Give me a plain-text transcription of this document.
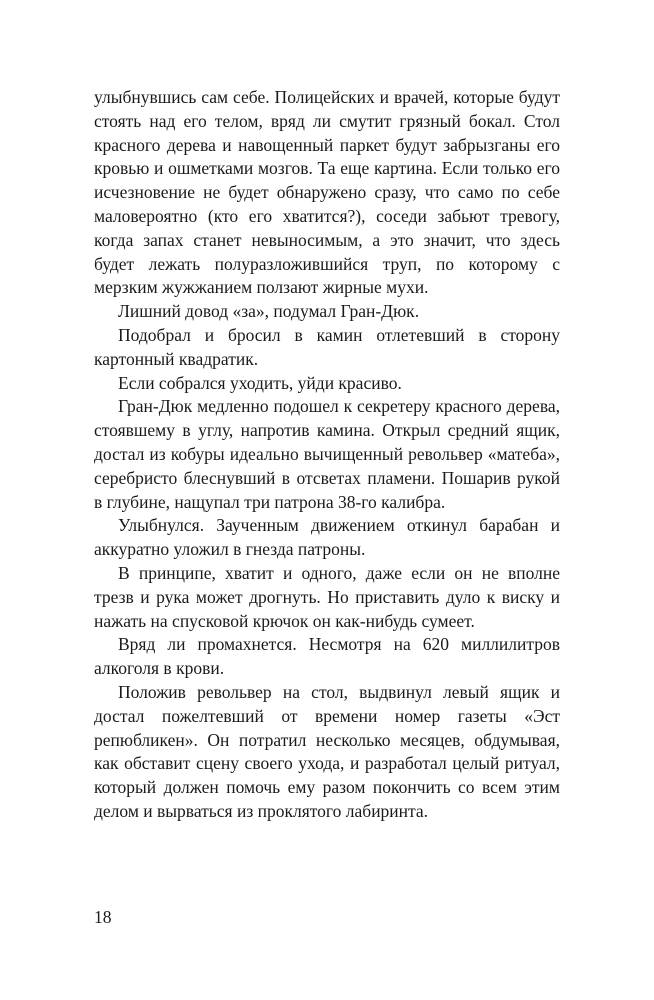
улыбнувшись сам себе. Полицейских и врачей, которые будут стоять над его телом, вряд ли смутит грязный бокал. Стол красного дерева и навощенный паркет будут забрызганы его кровью и ошметками мозгов. Та еще картина. Если только его исчезновение не будет обнаружено сразу, что само по себе маловероятно (кто его хватится?), соседи забьют тревогу, когда запах станет невыносимым, а это значит, что здесь будет лежать полуразложившийся труп, по которому с мерзким жужжанием ползают жирные мухи.

Лишний довод «за», подумал Гран-Дюк.

Подобрал и бросил в камин отлетевший в сторону картонный квадратик.

Если собрался уходить, уйди красиво.

Гран-Дюк медленно подошел к секретеру красного дерева, стоявшему в углу, напротив камина. Открыл средний ящик, достал из кобуры идеально вычищенный револьвер «матеба», серебристо блеснувший в отсветах пламени. Пошарив рукой в глубине, нащупал три патрона 38-го калибра.

Улыбнулся. Заученным движением откинул барабан и аккуратно уложил в гнезда патроны.

В принципе, хватит и одного, даже если он не вполне трезв и рука может дрогнуть. Но приставить дуло к виску и нажать на спусковой крючок он как-нибудь сумеет.

Вряд ли промахнется. Несмотря на 620 миллилитров алкоголя в крови.

Положив револьвер на стол, выдвинул левый ящик и достал пожелтевший от времени номер газеты «Эст репюбликен». Он потратил несколько месяцев, обдумывая, как обставит сцену своего ухода, и разработал целый ритуал, который должен помочь ему разом покончить со всем этим делом и вырваться из проклятого лабиринта.

18
